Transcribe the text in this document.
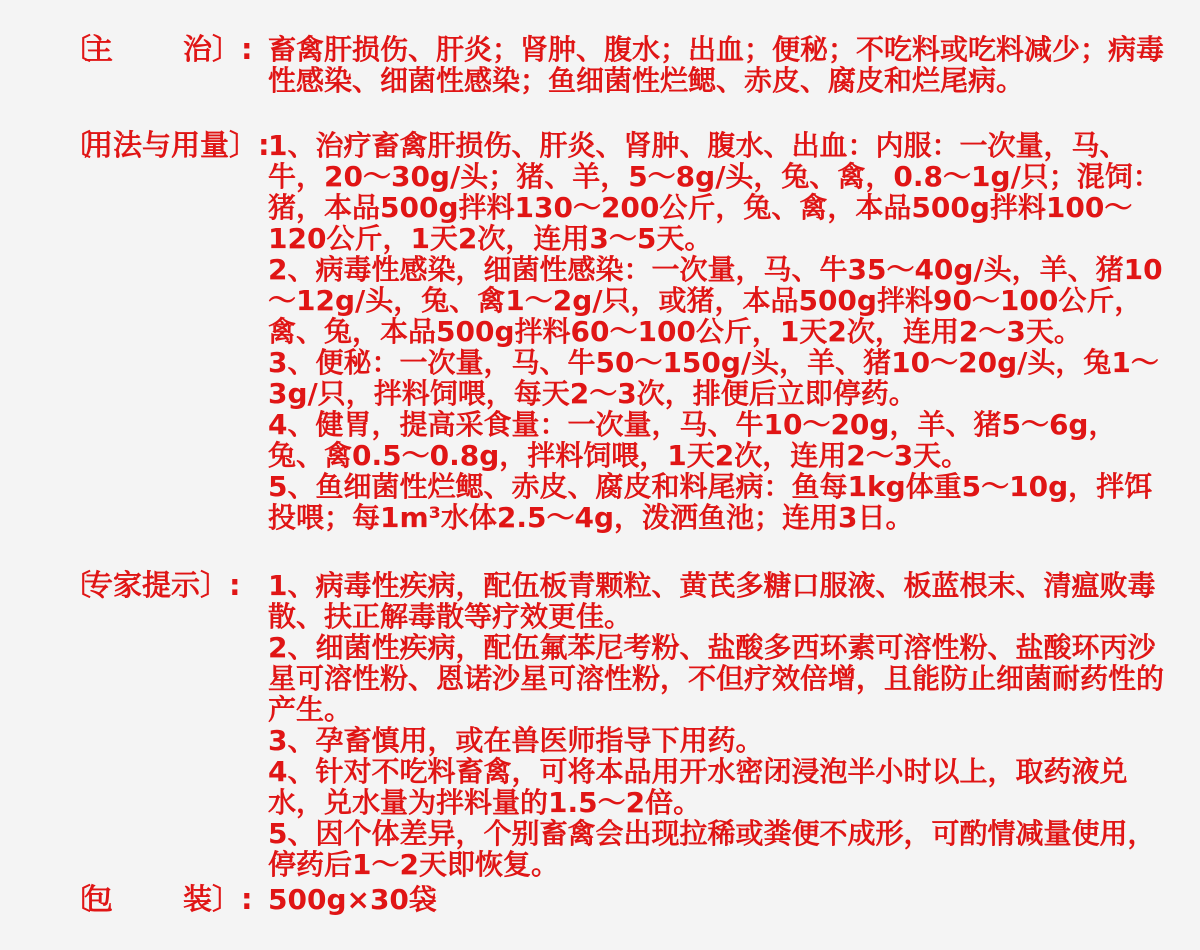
〔主 治〕: 畜禽肝损伤、肝炎；肾肿、腹水；出血；便秘；不吃料或吃料减少；病毒性感染、细菌性感染；鱼细菌性烂鳃、赤皮、腐皮和烂尾病。

〔用法与用量〕:

1、治疗畜禽肝损伤、肝炎、肾肿、腹水、出血：内服：一次量，马、牛，20～30g/头；猪、羊，5～8g/头，兔、禽，0.8～1g/只；混饲：猪，本品500g拌料130～200公斤，兔、禽，本品500g拌料100～120公斤，1天2次，连用3～5天。

2、病毒性感染，细菌性感染：一次量，马、牛35～40g/头，羊、猪10～12g/头，兔、禽1～2g/只，或猪，本品500g拌料90～100公斤，禽、兔，本品500g拌料60～100公斤，1天2次，连用2～3天。

3、便秘：一次量，马、牛50～150g/头，羊、猪10～20g/头，兔1～3g/只，拌料饲喂，每天2～3次，排便后立即停药。

4、健胃，提高采食量：一次量，马、牛10～20g，羊、猪5～6g，兔、禽0.5～0.8g，拌料饲喂，1天2次，连用2～3天。

5、鱼细菌性烂鳃、赤皮、腐皮和料尾病：鱼每1kg体重5～10g，拌饵投喂；每1m³水体2.5～4g，泼洒鱼池；连用3日。

〔专家提示〕: 1、病毒性疾病，配伍板青颗粒、黄芪多糖口服液、板蓝根末、清瘟败毒散、扶正解毒散等疗效更佳。

2、细菌性疾病，配伍氟苯尼考粉、盐酸多西环素可溶性粉、盐酸环丙沙星可溶性粉、恩诺沙星可溶性粉，不但疗效倍增，且能防止细菌耐药性的产生。

3、孕畜慎用，或在兽医师指导下用药。

4、针对不吃料畜禽，可将本品用开水密闭浸泡半小时以上，取药液兑水，兑水量为拌料量的1.5～2倍。

5、因个体差异，个别畜禽会出现拉稀或粪便不成形，可酌情减量使用，停药后1～2天即恢复。

〔包 装〕: 500g×30袋
